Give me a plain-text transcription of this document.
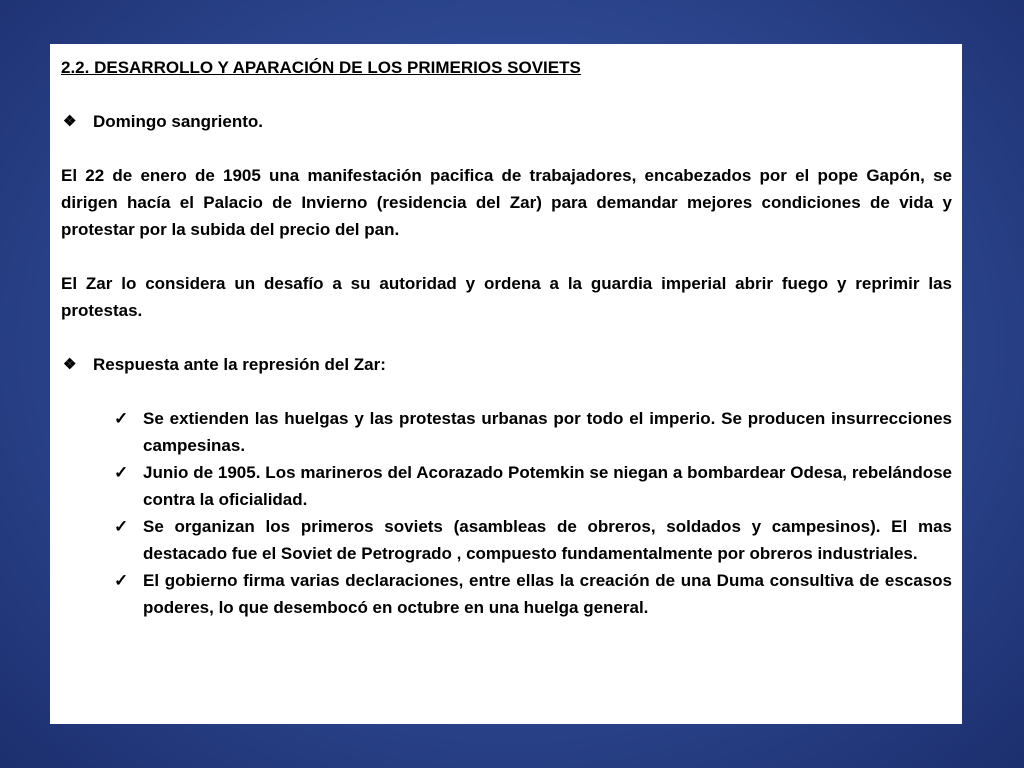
2.2. DESARROLLO Y APARACIÓN DE LOS PRIMERIOS SOVIETS

❖ Domingo sangriento.

El 22 de enero de 1905 una manifestación pacifica de trabajadores, encabezados por el pope Gapón, se dirigen hacía el Palacio de Invierno (residencia del Zar) para demandar mejores condiciones de vida y protestar por la subida del precio del pan.

El Zar lo considera un desafío a su autoridad y ordena a la guardia imperial abrir fuego y reprimir las protestas.

❖ Respuesta ante la represión del Zar:
✓ Se extienden las huelgas y las protestas urbanas por todo el imperio. Se producen insurrecciones campesinas.
✓ Junio de 1905. Los marineros del Acorazado Potemkin se niegan a bombardear Odesa, rebelándose contra la oficialidad.
✓ Se organizan los primeros soviets (asambleas de obreros, soldados y campesinos). El mas destacado fue el Soviet de Petrogrado , compuesto fundamentalmente por obreros industriales.
✓ El gobierno firma varias declaraciones, entre ellas la creación de una Duma consultiva de escasos poderes, lo que desembocó en octubre en una huelga general.
